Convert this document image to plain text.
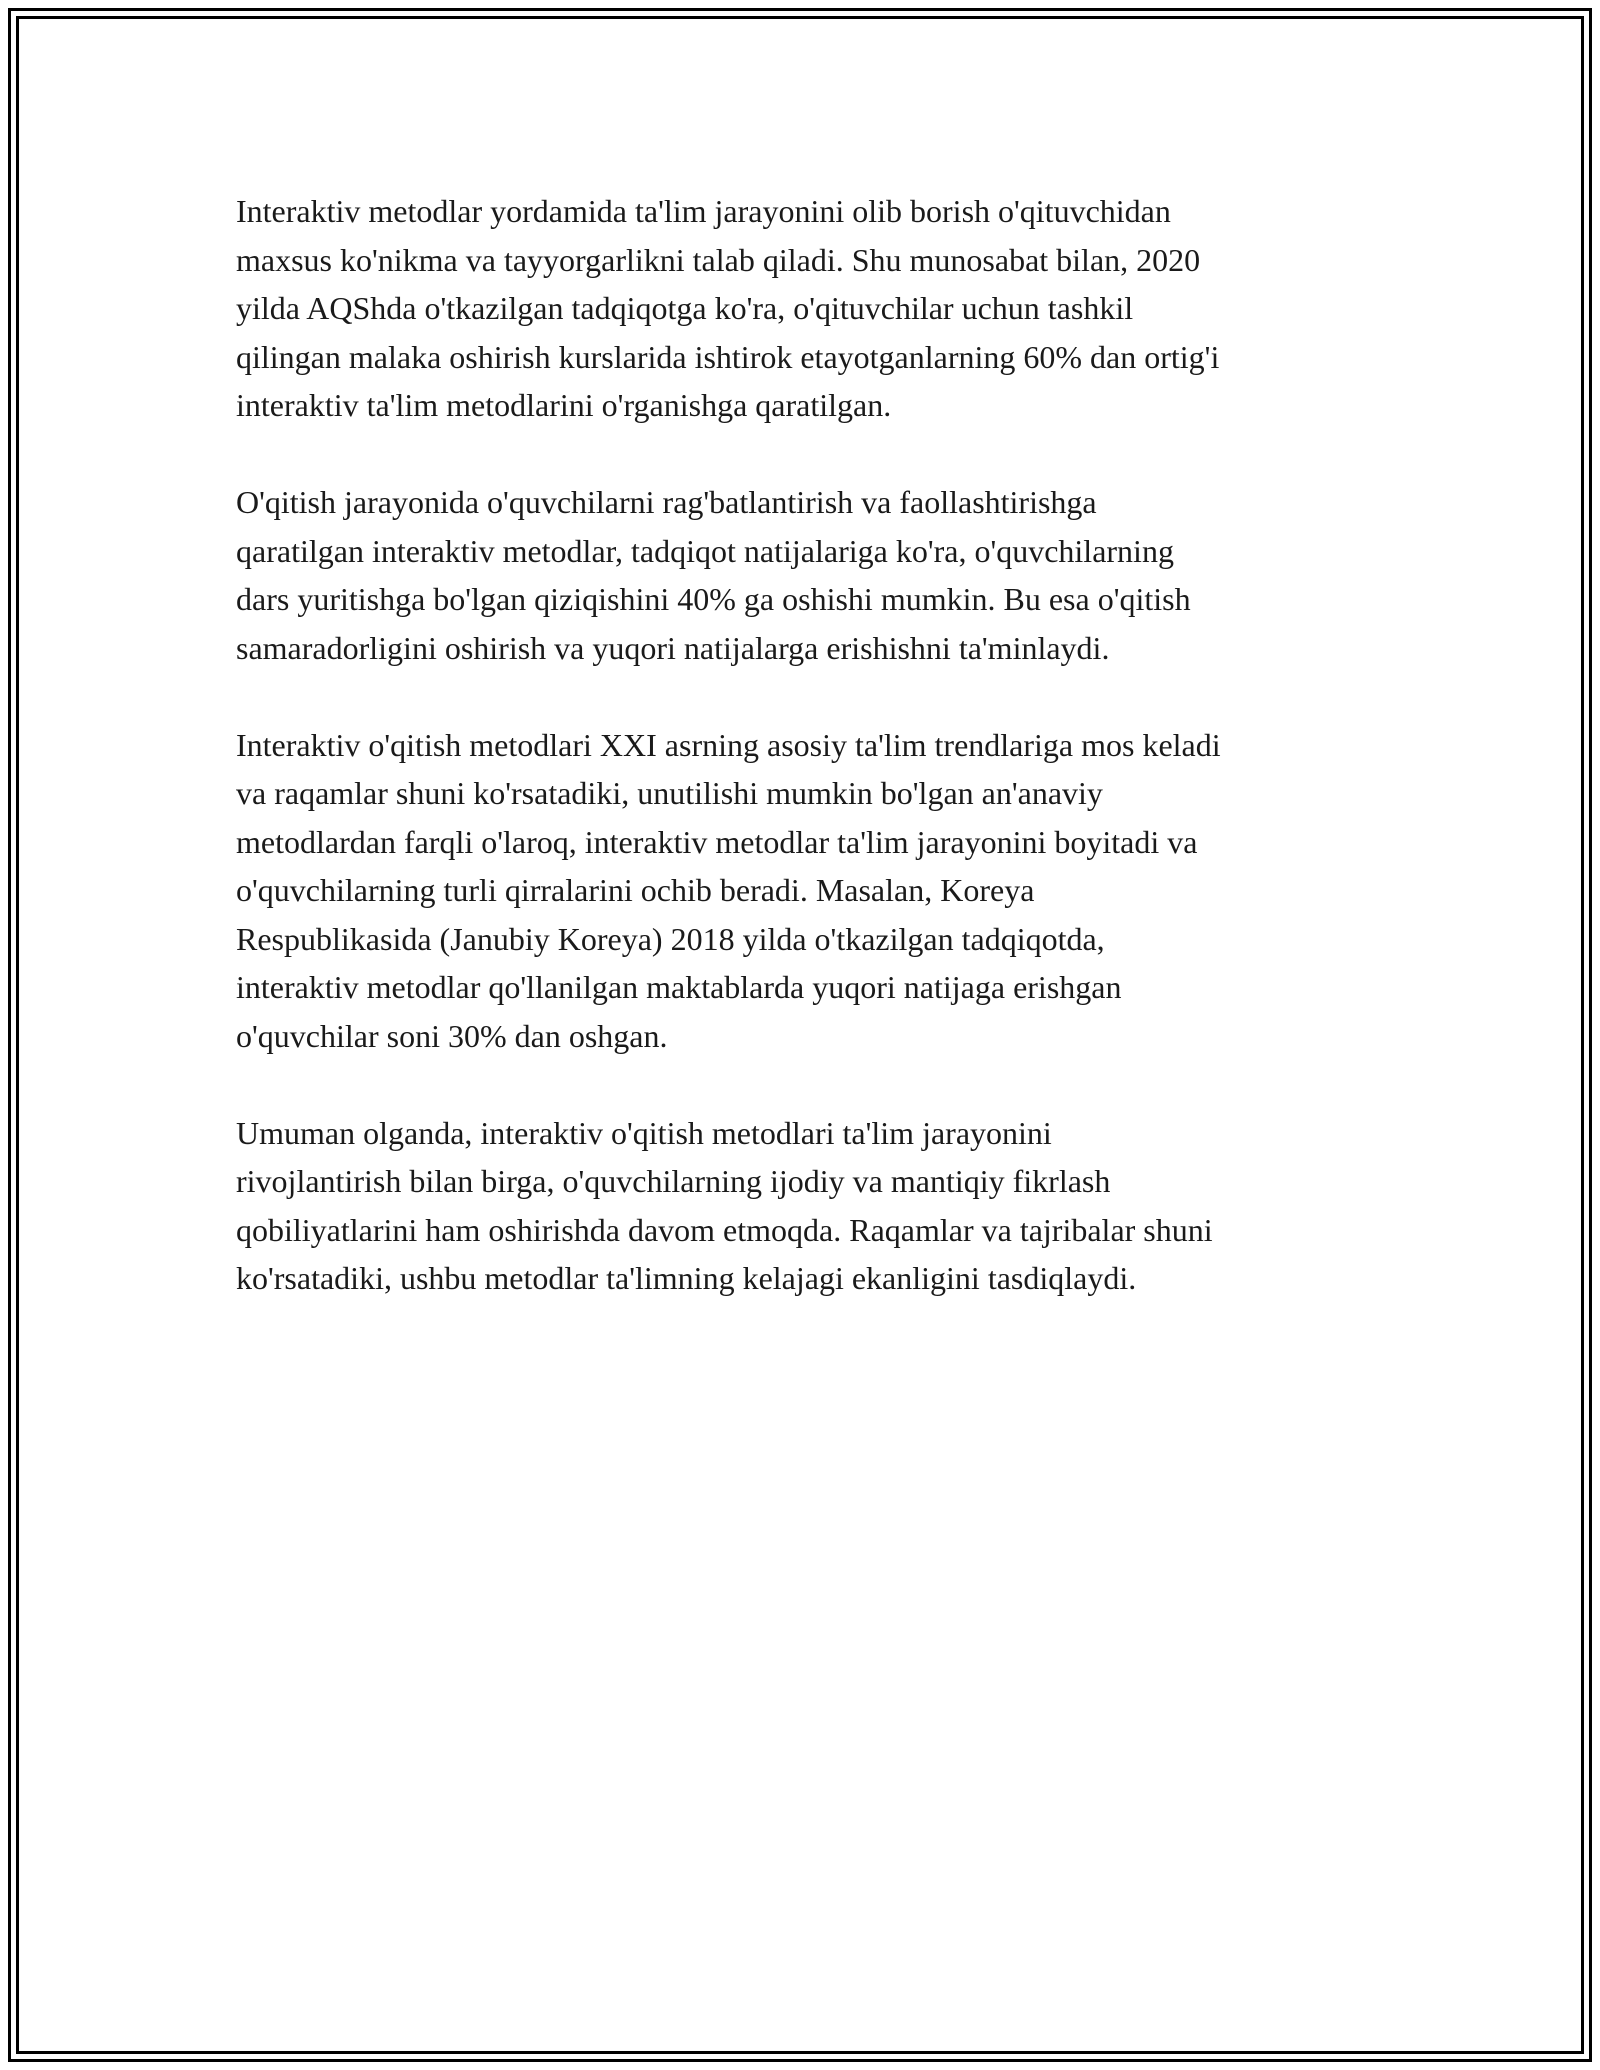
Interaktiv metodlar yordamida ta'lim jarayonini olib borish o'qituvchidan
maxsus ko'nikma va tayyorgarlikni talab qiladi. Shu munosabat bilan, 2020
yilda AQShda o'tkazilgan tadqiqotga ko'ra, o'qituvchilar uchun tashkil
qilingan malaka oshirish kurslarida ishtirok etayotganlarning 60% dan ortig'i
interaktiv ta'lim metodlarini o'rganishga qaratilgan.

O'qitish jarayonida o'quvchilarni rag'batlantirish va faollashtirishga
qaratilgan interaktiv metodlar, tadqiqot natijalariga ko'ra, o'quvchilarning
dars yuritishga bo'lgan qiziqishini 40% ga oshishi mumkin. Bu esa o'qitish
samaradorligini oshirish va yuqori natijalarga erishishni ta'minlaydi.

Interaktiv o'qitish metodlari XXI asrning asosiy ta'lim trendlariga mos keladi
va raqamlar shuni ko'rsatadiki, unutilishi mumkin bo'lgan an'anaviy
metodlardan farqli o'laroq, interaktiv metodlar ta'lim jarayonini boyitadi va
o'quvchilarning turli qirralarini ochib beradi. Masalan, Koreya
Respublikasida (Janubiy Koreya) 2018 yilda o'tkazilgan tadqiqotda,
interaktiv metodlar qo'llanilgan maktablarda yuqori natijaga erishgan
o'quvchilar soni 30% dan oshgan.

Umuman olganda, interaktiv o'qitish metodlari ta'lim jarayonini
rivojlantirish bilan birga, o'quvchilarning ijodiy va mantiqiy fikrlash
qobiliyatlarini ham oshirishda davom etmoqda. Raqamlar va tajribalar shuni
ko'rsatadiki, ushbu metodlar ta'limning kelajagi ekanligini tasdiqlaydi.
